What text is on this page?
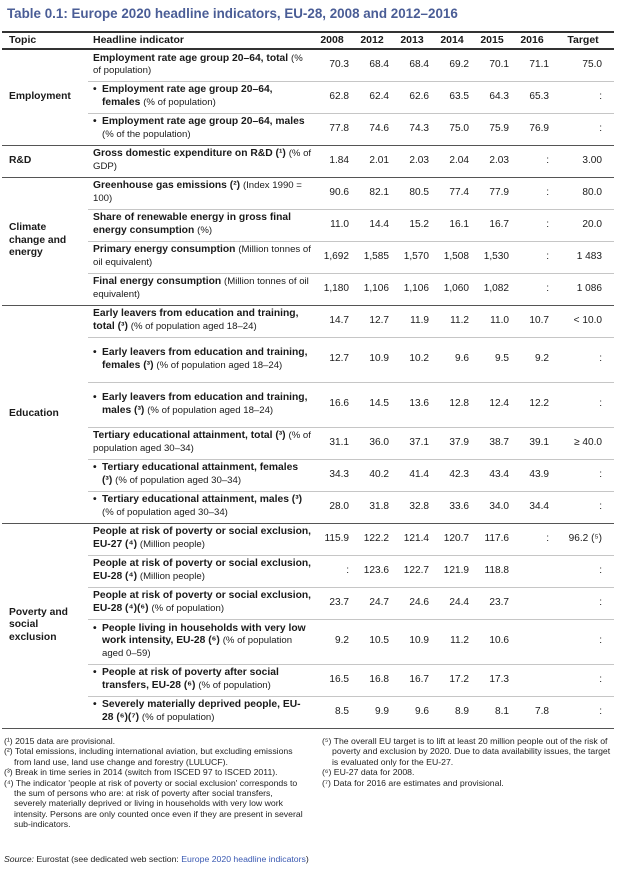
Table 0.1: Europe 2020 headline indicators, EU-28, 2008 and 2012–2016
Topic	Headline indicator	2008	2012	2013	2014	2015	2016	Target
Employment	Employment rate age group 20–64, total (% of population)	70.3	68.4	68.4	69.2	70.1	71.1	75.0
	• Employment rate age group 20–64, females (% of population)	62.8	62.4	62.6	63.5	64.3	65.3	:
	• Employment rate age group 20–64, males (% of the population)	77.8	74.6	74.3	75.0	75.9	76.9	:
R&D	Gross domestic expenditure on R&D (¹) (% of GDP)	1.84	2.01	2.03	2.04	2.03	:	3.00
Climate change and energy	Greenhouse gas emissions (²) (Index 1990 = 100)	90.6	82.1	80.5	77.4	77.9	:	80.0
	Share of renewable energy in gross final energy consumption (%)	11.0	14.4	15.2	16.1	16.7	:	20.0
	Primary energy consumption (Million tonnes of oil equivalent)	1,692	1,585	1,570	1,508	1,530	:	1 483
	Final energy consumption (Million tonnes of oil equivalent)	1,180	1,106	1,106	1,060	1,082	:	1 086
Education	Early leavers from education and training, total (³) (% of population aged 18–24)	14.7	12.7	11.9	11.2	11.0	10.7	< 10.0
	• Early leavers from education and training, females (³) (% of population aged 18–24)	12.7	10.9	10.2	9.6	9.5	9.2	:
	• Early leavers from education and training, males (³) (% of population aged 18–24)	16.6	14.5	13.6	12.8	12.4	12.2	:
	Tertiary educational attainment, total (³) (% of population aged 30–34)	31.1	36.0	37.1	37.9	38.7	39.1	≥ 40.0
	• Tertiary educational attainment, females (³) (% of population aged 30–34)	34.3	40.2	41.4	42.3	43.4	43.9	:
	• Tertiary educational attainment, males (³) (% of population aged 30–34)	28.0	31.8	32.8	33.6	34.0	34.4	:
Poverty and social exclusion	People at risk of poverty or social exclusion, EU-27 (⁴) (Million people)	115.9	122.2	121.4	120.7	117.6	:	96.2 (⁵)
	People at risk of poverty or social exclusion, EU-28 (⁴) (Million people)	:	123.6	122.7	121.9	118.8		:
	People at risk of poverty or social exclusion, EU-28 (⁴)(⁶) (% of population)	23.7	24.7	24.6	24.4	23.7		:
	• People living in households with very low work intensity, EU-28 (⁶) (% of population aged 0–59)	9.2	10.5	10.9	11.2	10.6		:
	• People at risk of poverty after social transfers, EU-28 (⁶) (% of population)	16.5	16.8	16.7	17.2	17.3		:
	• Severely materially deprived people, EU-28 (⁶)(⁷) (% of population)	8.5	9.9	9.6	8.9	8.1	7.8	:

(¹) 2015 data are provisional.

(²) Total emissions, including international aviation, but excluding emissions from land use, land use change and forestry (LULUCF).

(³) Break in time series in 2014 (switch from ISCED 97 to ISCED 2011).

(⁴) The indicator 'people at risk of poverty or social exclusion' corresponds to the sum of persons who are: at risk of poverty after social transfers, severely materially deprived or living in households with very low work intensity. Persons are only counted once even if they are present in several sub-indicators.

(⁵) The overall EU target is to lift at least 20 million people out of the risk of poverty and exclusion by 2020. Due to data availability issues, the target is evaluated only for the EU-27.

(⁶) EU-27 data for 2008.

(⁷) Data for 2016 are estimates and provisional.

Source: Eurostat (see dedicated web section: Europe 2020 headline indicators)
